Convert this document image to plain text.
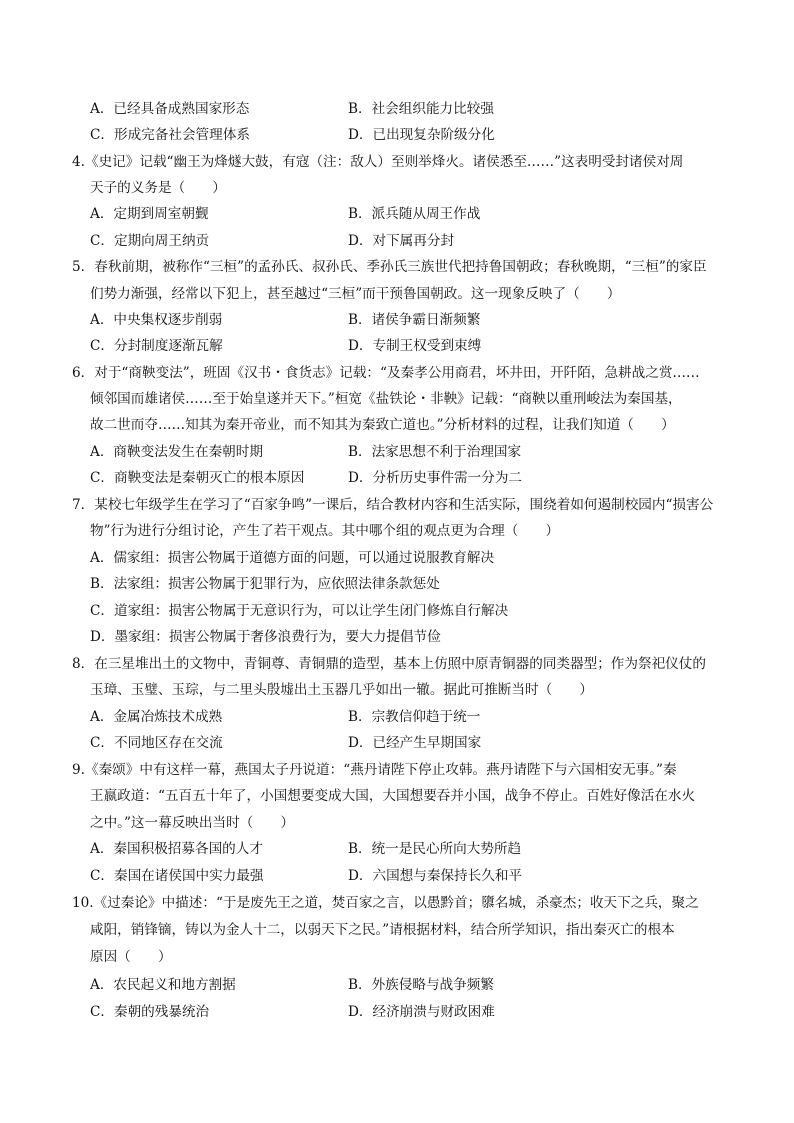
A．已经具备成熟国家形态	B．社会组织能力比较强
C．形成完备社会管理体系	D．已出现复杂阶级分化
4.《史记》记载“幽王为烽燧大鼓，有寇（注：敌人）至则举烽火。诸侯悉至……”这表明受封诸侯对周
天子的义务是（　　）
A．定期到周室朝觐	B．派兵随从周王作战
C．定期向周王纳贡	D．对下属再分封
5．春秋前期，被称作“三桓”的孟孙氏、叔孙氏、季孙氏三族世代把持鲁国朝政；春秋晚期，“三桓”的家臣
们势力渐强，经常以下犯上，甚至越过“三桓”而干预鲁国朝政。这一现象反映了（　　）
A．中央集权逐步削弱	B．诸侯争霸日渐频繁
C．分封制度逐渐瓦解	D．专制王权受到束缚
6．对于“商鞅变法”，班固《汉书・食货志》记载：“及秦孝公用商君，坏井田，开阡陌，急耕战之赏……
倾邻国而雄诸侯……至于始皇遂并天下。”桓宽《盐铁论・非鞅》记载：“商鞅以重刑峻法为秦国基，
故二世而夺……知其为秦开帝业，而不知其为秦致亡道也。”分析材料的过程，让我们知道（　　）
A．商鞅变法发生在秦朝时期	B．法家思想不利于治理国家
C．商鞅变法是秦朝灭亡的根本原因	D．分析历史事件需一分为二
7．某校七年级学生在学习了“百家争鸣”一课后，结合教材内容和生活实际，围绕着如何遏制校园内“损害公
物”行为进行分组讨论，产生了若干观点。其中哪个组的观点更为合理（　　）
A．儒家组：损害公物属于道德方面的问题，可以通过说服教育解决
B．法家组：损害公物属于犯罪行为，应依照法律条款惩处
C．道家组：损害公物属于无意识行为，可以让学生闭门修炼自行解决
D．墨家组：损害公物属于奢侈浪费行为，要大力提倡节俭
8．在三星堆出土的文物中，青铜尊、青铜鼎的造型，基本上仿照中原青铜器的同类器型；作为祭祀仪仗的
玉璋、玉璧、玉琮，与二里头殷墟出土玉器几乎如出一辙。据此可推断当时（　　）
A．金属冶炼技术成熟	B．宗教信仰趋于统一
C．不同地区存在交流	D．已经产生早期国家
9.《秦颂》中有这样一幕，燕国太子丹说道：“燕丹请陛下停止攻韩。燕丹请陛下与六国相安无事。”秦
王嬴政道：“五百五十年了，小国想要变成大国，大国想要吞并小国，战争不停止。百姓好像活在水火
之中。”这一幕反映出当时（　　）
A．秦国积极招募各国的人才	B．统一是民心所向大势所趋
C．秦国在诸侯国中实力最强	D．六国想与秦保持长久和平
10.《过秦论》中描述：“于是废先王之道，焚百家之言，以愚黔首；隳名城，杀豪杰；收天下之兵，聚之
咸阳，销锋镝，铸以为金人十二，以弱天下之民。”请根据材料，结合所学知识，指出秦灭亡的根本
原因（　　）
A．农民起义和地方割据	B．外族侵略与战争频繁
C．秦朝的残暴统治	D．经济崩溃与财政困难
